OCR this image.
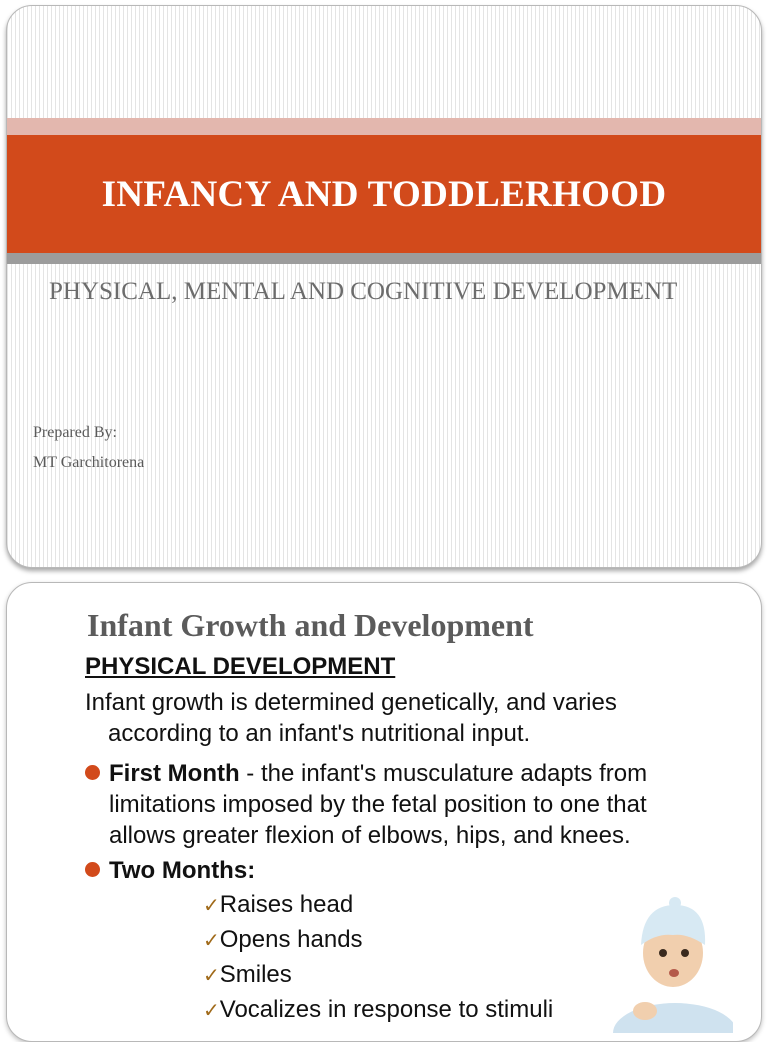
INFANCY AND TODDLERHOOD
PHYSICAL, MENTAL AND COGNITIVE DEVELOPMENT
Prepared By:
MT Garchitorena
Infant Growth and Development
PHYSICAL DEVELOPMENT
Infant growth is determined genetically, and varies
according to an infant's nutritional input.
First Month - the infant's musculature adapts from
limitations imposed by the fetal position to one that
allows greater flexion of elbows, hips, and knees.
Two Months:
✓Raises head
✓Opens hands
✓Smiles
✓Vocalizes in response to stimuli
